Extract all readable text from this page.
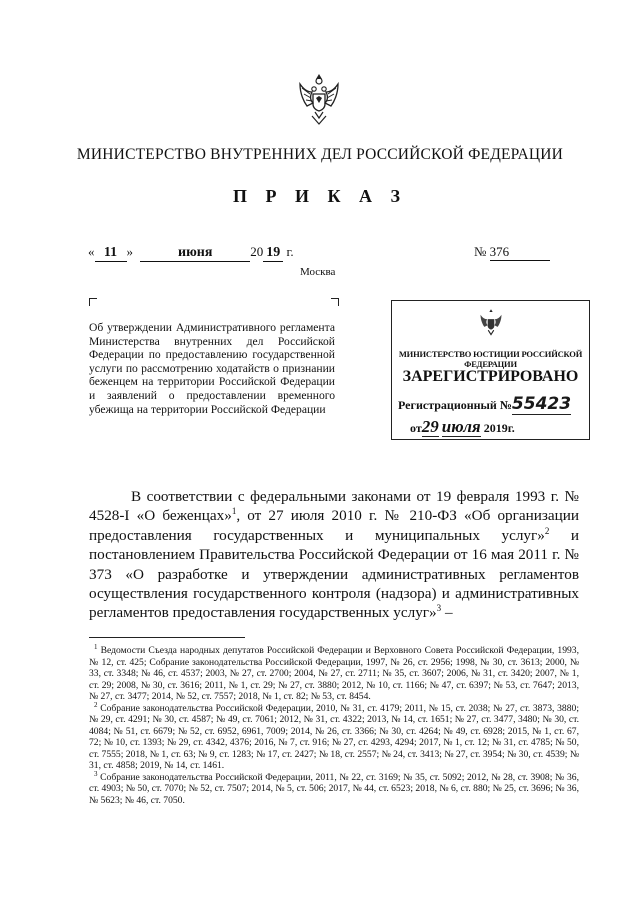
МИНИСТЕРСТВО ВНУТРЕННИХ ДЕЛ РОССИЙСКОЙ ФЕДЕРАЦИИ
П Р И К А З
« 11 »	июня	20 19 г.	№ 376
Москва
Об утверждении Административного регламента Министерства внутренних дел Российской Федерации по предоставлению государственной услуги по рассмотрению ходатайств о признании беженцем на территории Российской Федерации и заявлений о предоставлении временного убежища на территории Российской Федерации
МИНИСТЕРСТВО ЮСТИЦИИ РОССИЙСКОЙ ФЕДЕРАЦИИ
ЗАРЕГИСТРИРОВАНО
Регистрационный №55423
от29 июля 2019г.

В соответствии с федеральными законами от 19 февраля 1993 г. № 4528-I «О беженцах»$^1$, от 27 июля 2010 г. № 210-ФЗ «Об организации предоставления государственных и муниципальных услуг»$^2$ и постановлением Правительства Российской Федерации от 16 мая 2011 г. № 373 «О разработке и утверждении административных регламентов осуществления государственного контроля (надзора) и административных регламентов предоставления государственных услуг»$^3$ –

$^1$ Ведомости Съезда народных депутатов Российской Федерации и Верховного Совета Российской Федерации, 1993, № 12, ст. 425; Собрание законодательства Российской Федерации, 1997, № 26, ст. 2956; 1998, № 30, ст. 3613; 2000, № 33, ст. 3348; № 46, ст. 4537; 2003, № 27, ст. 2700; 2004, № 27, ст. 2711; № 35, ст. 3607; 2006, № 31, ст. 3420; 2007, № 1, ст. 29; 2008, № 30, ст. 3616; 2011, № 1, ст. 29; № 27, ст. 3880; 2012, № 10, ст. 1166; № 47, ст. 6397; № 53, ст. 7647; 2013, № 27, ст. 3477; 2014, № 52, ст. 7557; 2018, № 1, ст. 82; № 53, ст. 8454.

$^2$ Собрание законодательства Российской Федерации, 2010, № 31, ст. 4179; 2011, № 15, ст. 2038; № 27, ст. 3873, 3880; № 29, ст. 4291; № 30, ст. 4587; № 49, ст. 7061; 2012, № 31, ст. 4322; 2013, № 14, ст. 1651; № 27, ст. 3477, 3480; № 30, ст. 4084; № 51, ст. 6679; № 52, ст. 6952, 6961, 7009; 2014, № 26, ст. 3366; № 30, ст. 4264; № 49, ст. 6928; 2015, № 1, ст. 67, 72; № 10, ст. 1393; № 29, ст. 4342, 4376; 2016, № 7, ст. 916; № 27, ст. 4293, 4294; 2017, № 1, ст. 12; № 31, ст. 4785; № 50, ст. 7555; 2018, № 1, ст. 63; № 9, ст. 1283; № 17, ст. 2427; № 18, ст. 2557; № 24, ст. 3413; № 27, ст. 3954; № 30, ст. 4539; № 31, ст. 4858; 2019, № 14, ст. 1461.

$^3$ Собрание законодательства Российской Федерации, 2011, № 22, ст. 3169; № 35, ст. 5092; 2012, № 28, ст. 3908; № 36, ст. 4903; № 50, ст. 7070; № 52, ст. 7507; 2014, № 5, ст. 506; 2017, № 44, ст. 6523; 2018, № 6, ст. 880; № 25, ст. 3696; № 36, № 5623; № 46, ст. 7050.
